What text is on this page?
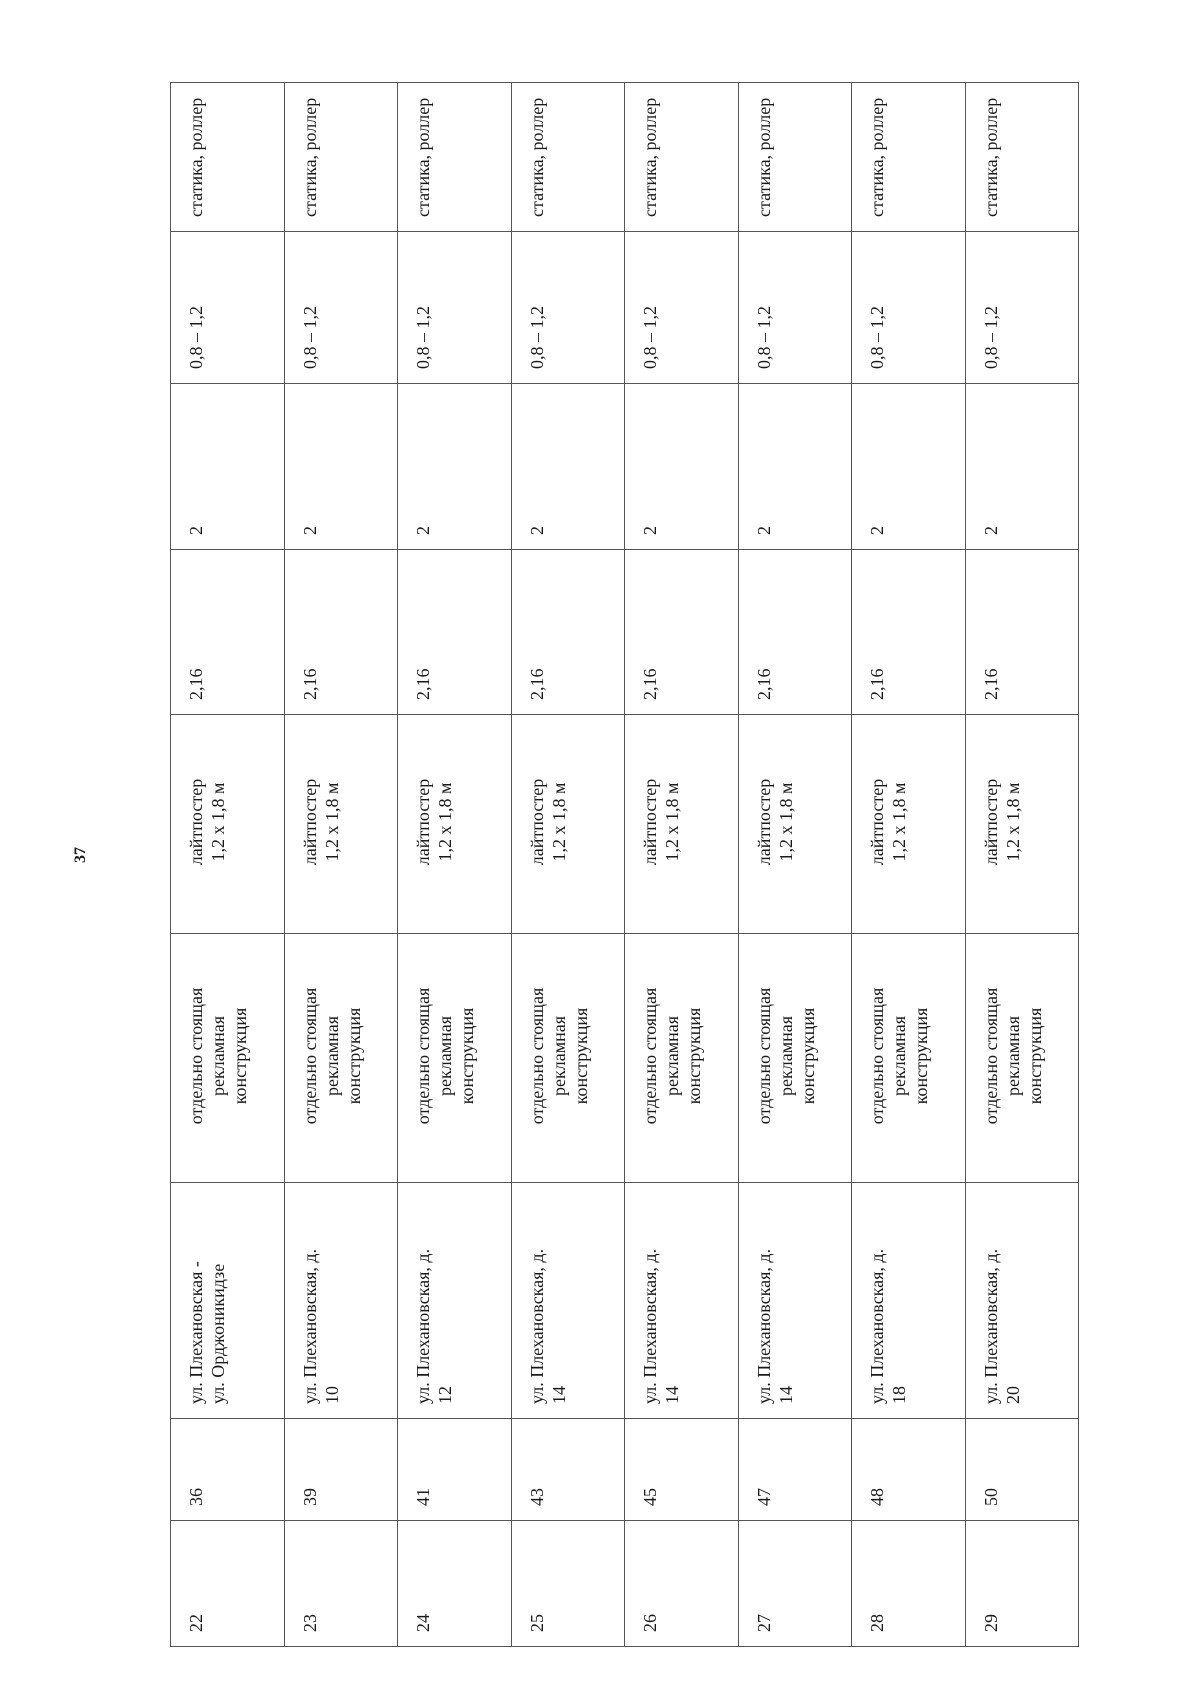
37
22	36	ул. Плехановская - ул. Орджоникидзе	отдельно стоящая рекламная конструкция	лайтпостер 1,2 х 1,8 м	2,16	2	0,8 – 1,2	статика, роллер
23	39	ул. Плехановская, д. 10	отдельно стоящая рекламная конструкция	лайтпостер 1,2 х 1,8 м	2,16	2	0,8 – 1,2	статика, роллер
24	41	ул. Плехановская, д. 12	отдельно стоящая рекламная конструкция	лайтпостер 1,2 х 1,8 м	2,16	2	0,8 – 1,2	статика, роллер
25	43	ул. Плехановская, д. 14	отдельно стоящая рекламная конструкция	лайтпостер 1,2 х 1,8 м	2,16	2	0,8 – 1,2	статика, роллер
26	45	ул. Плехановская, д. 14	отдельно стоящая рекламная конструкция	лайтпостер 1,2 х 1,8 м	2,16	2	0,8 – 1,2	статика, роллер
27	47	ул. Плехановская, д. 14	отдельно стоящая рекламная конструкция	лайтпостер 1,2 х 1,8 м	2,16	2	0,8 – 1,2	статика, роллер
28	48	ул. Плехановская, д. 18	отдельно стоящая рекламная конструкция	лайтпостер 1,2 х 1,8 м	2,16	2	0,8 – 1,2	статика, роллер
29	50	ул. Плехановская, д. 20	отдельно стоящая рекламная конструкция	лайтпостер 1,2 х 1,8 м	2,16	2	0,8 – 1,2	статика, роллер
